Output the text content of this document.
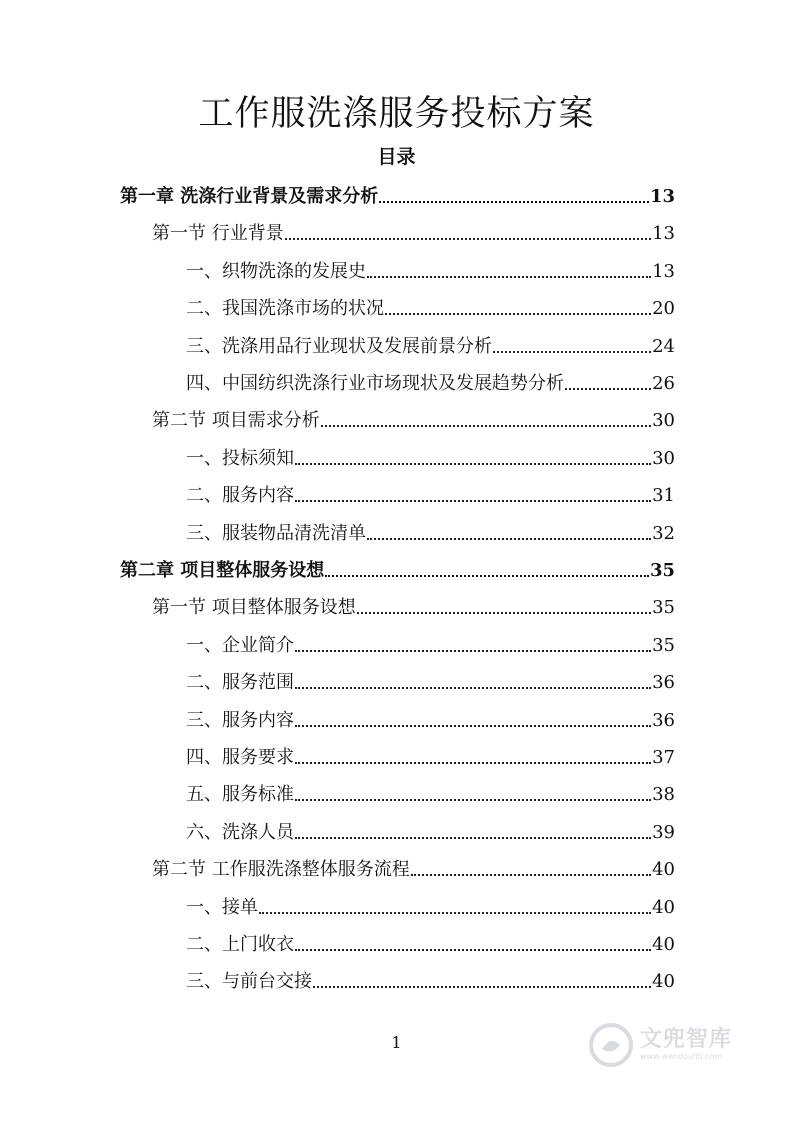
工作服洗涤服务投标方案
目录
第一章 洗涤行业背景及需求分析	13
第一节 行业背景	13
一、织物洗涤的发展史	13
二、我国洗涤市场的状况	20
三、洗涤用品行业现状及发展前景分析	24
四、中国纺织洗涤行业市场现状及发展趋势分析	26
第二节 项目需求分析	30
一、投标须知	30
二、服务内容	31
三、服装物品清洗清单	32
第二章 项目整体服务设想	35
第一节 项目整体服务设想	35
一、企业简介	35
二、服务范围	36
三、服务内容	36
四、服务要求	37
五、服务标准	38
六、洗涤人员	39
第二节 工作服洗涤整体服务流程	40
一、接单	40
二、上门收衣	40
三、与前台交接	40
1	文兜智库
www.wendoulib.com
